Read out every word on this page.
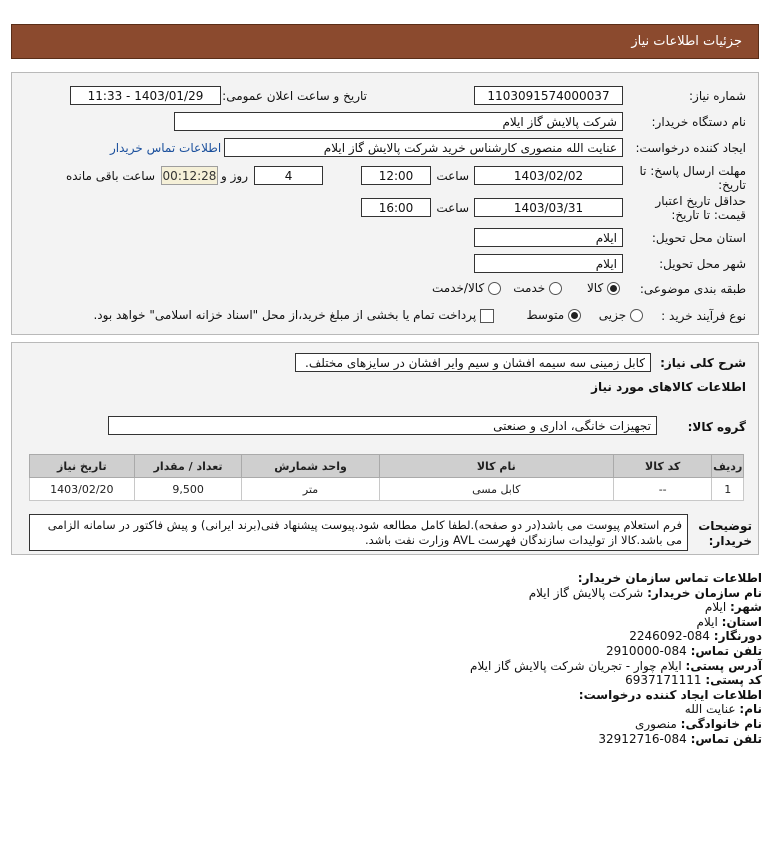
جزئیات اطلاعات نیاز
شماره نیاز:
1103091574000037
تاریخ و ساعت اعلان عمومی:
1403/01/29 - 11:33
نام دستگاه خریدار:
شرکت پالایش گاز ایلام
ایجاد کننده درخواست:
عنایت الله منصوری کارشناس خرید شرکت پالایش گاز ایلام
اطلاعات تماس خریدار
مهلت ارسال پاسخ: تا تاریخ:
1403/02/02
ساعت
12:00
4
روز و
00:12:28
ساعت باقی مانده
حداقل تاریخ اعتبار قیمت: تا تاریخ:
1403/03/31
ساعت
16:00
استان محل تحویل:
ایلام
شهر محل تحویل:
ایلام
طبقه بندی موضوعی:
کالا
خدمت
کالا/خدمت
نوع فرآیند خرید :
جزیی
متوسط
پرداخت تمام یا بخشی از مبلغ خرید،از محل "اسناد خزانه اسلامی" خواهد بود.
شرح کلی نیاز:
کابل زمینی سه سیمه افشان و سیم وایر افشان در سایزهای مختلف.
اطلاعات کالاهای مورد نیاز
گروه کالا:
تجهیزات خانگی، اداری و صنعتی
ردیف	کد کالا	نام کالا	واحد شمارش	تعداد / مقدار	تاریخ نیاز
1	--	کابل مسی	متر	9,500	1403/02/20
توضیحات خریدار:
فرم استعلام پیوست می باشد(در دو صفحه).لطفا کامل مطالعه شود.پیوست پیشنهاد فنی(برند ایرانی) و پیش فاکتور در سامانه الزامی می باشد.کالا از تولیدات سازندگان فهرست AVL وزارت نفت باشد.
اطلاعات تماس سازمان خریدار:
نام سازمان خریدار: شرکت پالایش گاز ایلام
شهر: ایلام
استان: ایلام
دورنگار: 084-2246092
تلفن تماس: 084-2910000
آدرس پستی: ایلام چوار - تجریان شرکت پالایش گاز ایلام
کد پستی: 6937171111
اطلاعات ایجاد کننده درخواست:
نام: عنایت الله
نام خانوادگی: منصوری
تلفن تماس: 084-32912716
